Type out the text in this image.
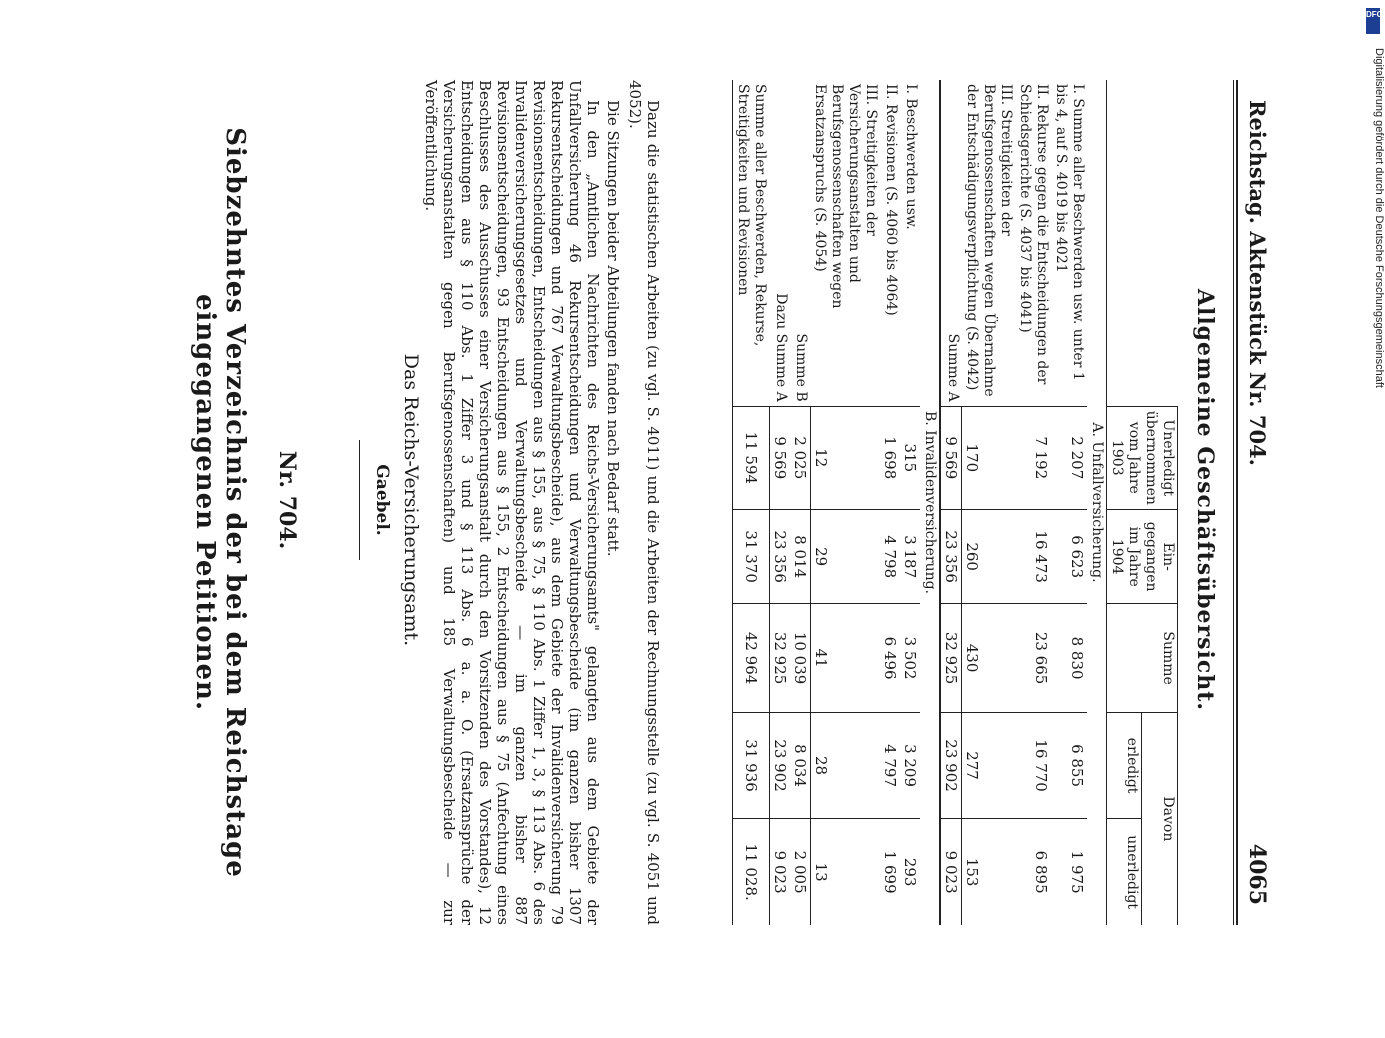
Reichstag. Aktenstück Nr. 704.
4065
Allgemeine Geschäftsübersicht.
	Unerledigt übernommen vom Jahre 1903	Ein-gegangen im Jahre 1904	Summe	Davon	
				erledigt	unerledigt
A. Unfallversicherung.					
I. Summe aller Beschwerden usw. unter 1 bis 4, auf S. 4019 bis 4021	2 207	6 623	8 830	6 855	1 975
II. Rekurse gegen die Entscheidungen der Schiedsgerichte (S. 4037 bis 4041)	7 192	16 473	23 665	16 770	6 895
III. Streitigkeiten der Berufsgenossenschaften wegen Übernahme der Entschädigungsverpflichtung (S. 4042)	170	260	430	277	153
Summe A	9 569	23 356	32 925	23 902	9 023
B. Invalidenversicherung.					
I. Beschwerden usw.	315	3 187	3 502	3 209	293
II. Revisionen (S. 4060 bis 4064)	1 698	4 798	6 496	4 797	1 699
III. Streitigkeiten der Versicherungsanstalten und Berufsgenossenschaften wegen Ersatzanspruchs (S. 4054)	12	29	41	28	13
Summe B	2 025	8 014	10 039	8 034	2 005
Dazu Summe A	9 569	23 356	32 925	23 902	9 023
Summe aller Beschwerden, Rekurse, Streitigkeiten und Revisionen	11 594	31 370	42 964	31 936	11 028.
Dazu die statistischen Arbeiten (zu vgl. S. 4011) und die Arbeiten der Rechnungsstelle (zu vgl. S. 4051 und 4052).
Die Sitzungen beider Abteilungen fanden nach Bedarf statt.
In den „Amtlichen Nachrichten des Reichs-Versicherungsamts" gelangten aus dem Gebiete der Unfallversicherung 46 Rekursentscheidungen und Verwaltungsbescheide (im ganzen bisher 1307 Rekursentscheidungen und 767 Verwaltungsbescheide), aus dem Gebiete der Invalidenversicherung 79 Revisionsentscheidungen, Entscheidungen aus § 155, aus § 75, § 110 Abs. 1 Ziffer 1, 3, § 113 Abs. 6 des Invalidenversicherungsgesetzes und Verwaltungsbescheide — im ganzen bisher 887 Revisionsentscheidungen, 93 Entscheidungen aus § 155, 2 Entscheidungen aus § 75 (Anfechtung eines Beschlusses des Ausschusses einer Versicherungsanstalt durch den Vorsitzenden des Vorstandes), 12 Entscheidungen aus § 110 Abs. 1 Ziffer 3 und § 113 Abs. 6 a. a. O. (Ersatzansprüche der Versicherungsanstalten gegen Berufsgenossenschaften) und 185 Verwaltungsbescheide — zur Veröffentlichung.
Das Reichs-Versicherungsamt.
Gaebel.
Nr. 704.
Siebzehntes Verzeichnis der bei dem Reichstage eingegangenen Petitionen.
DFG
Digitalisierung gefördert durch die Deutsche Forschungsgemeinschaft
